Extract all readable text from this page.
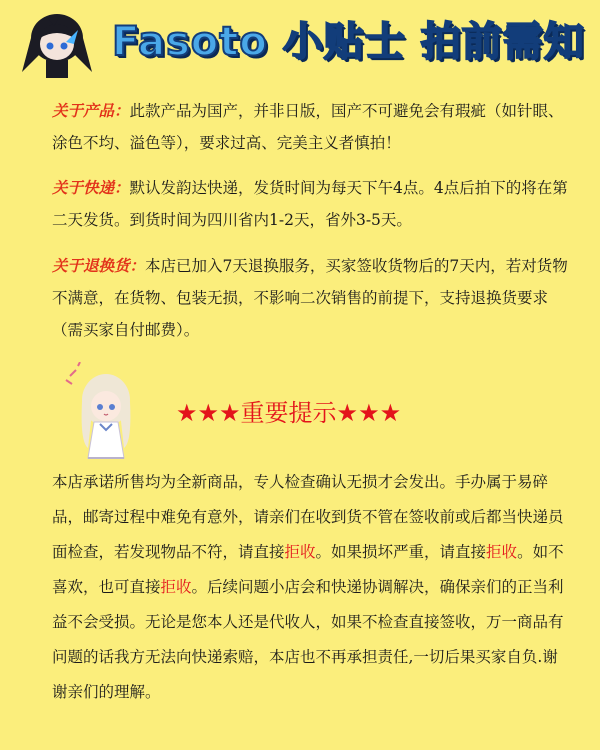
Fasoto 小贴士 拍前需知
关于产品：此款产品为国产，并非日版，国产不可避免会有瑕疵（如针眼、涂色不均、溢色等），要求过高、完美主义者慎拍！
关于快递：默认发韵达快递，发货时间为每天下午4点。4点后拍下的将在第二天发货。到货时间为四川省内1-2天，省外3-5天。
关于退换货：本店已加入7天退换服务，买家签收货物后的7天内，若对货物不满意，在货物、包装无损，不影响二次销售的前提下，支持退换货要求（需买家自付邮费）。
★★★重要提示★★★
本店承诺所售均为全新商品，专人检查确认无损才会发出。手办属于易碎品，邮寄过程中难免有意外，请亲们在收到货不管在签收前或后都当快递员面检查，若发现物品不符，请直接拒收。如果损坏严重，请直接拒收。如不喜欢，也可直接拒收。后续问题小店会和快递协调解决，确保亲们的正当利益不会受损。无论是您本人还是代收人，如果不检查直接签收，万一商品有问题的话我方无法向快递索赔，本店也不再承担责任,一切后果买家自负.谢谢亲们的理解。
